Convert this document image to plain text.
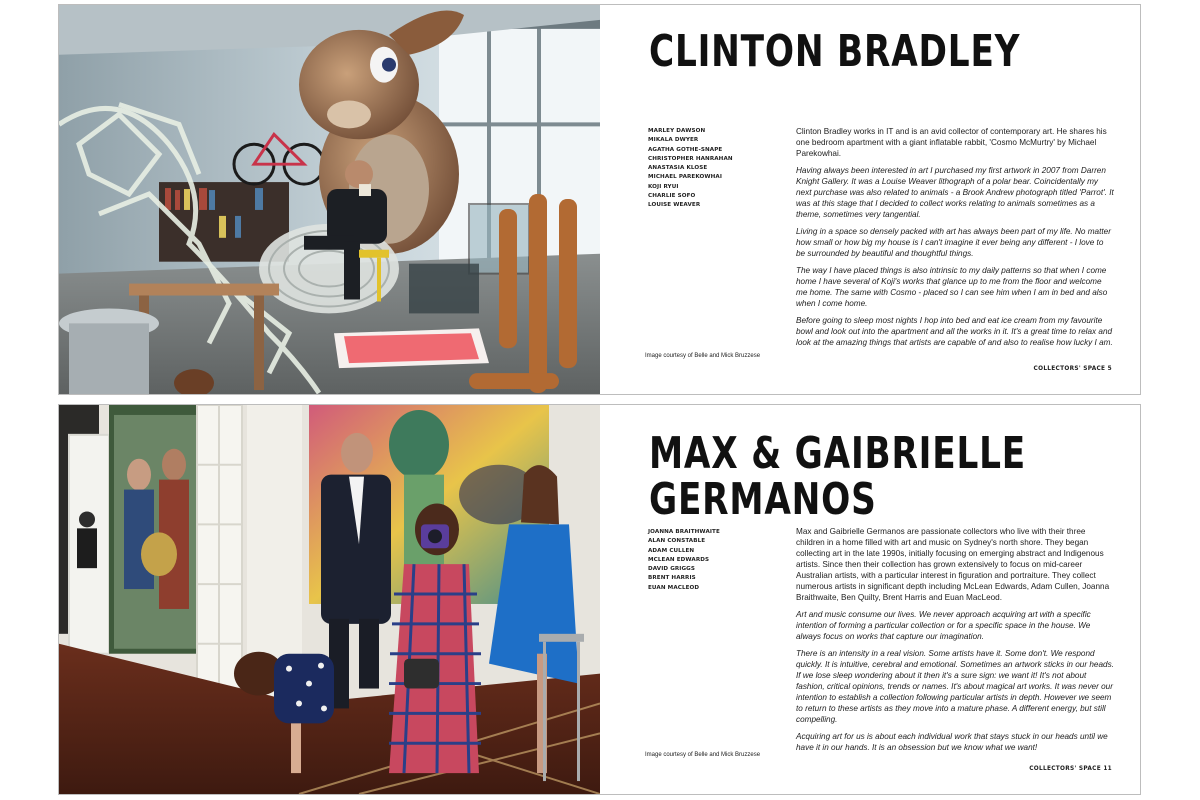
CLINTON BRADLEY
MARLEY DAWSON
MIKALA DWYER
AGATHA GOTHE-SNAPE
CHRISTOPHER HANRAHAN
ANASTASIA KLOSE
MICHAEL PAREKOWHAI
KOJI RYUI
CHARLIE SOFO
LOUISE WEAVER

Clinton Bradley works in IT and is an avid collector of contemporary art. He shares his one bedroom apartment with a giant inflatable rabbit, 'Cosmo McMurtry' by Michael Parekowhai.

Having always been interested in art I purchased my first artwork in 2007 from Darren Knight Gallery. It was a Louise Weaver lithograph of a polar bear. Coincidentally my next purchase was also related to animals - a Brook Andrew photograph titled 'Parrot'. It was at this stage that I decided to collect works relating to animals sometimes as a theme, sometimes very tangential.

Living in a space so densely packed with art has always been part of my life. No matter how small or how big my house is I can't imagine it ever being any different - I love to be surrounded by beautiful and thoughtful things.

The way I have placed things is also intrinsic to my daily patterns so that when I come home I have several of Koji's works that glance up to me from the floor and welcome me home. The same with Cosmo - placed so I can see him when I am in bed and also when I come home.

Before going to sleep most nights I hop into bed and eat ice cream from my favourite bowl and look out into the apartment and all the works in it. It's a great time to relax and look at the amazing things that artists are capable of and also to realise how lucky I am.

Image courtesy of Belle and Mick Bruzzese
COLLECTORS' SPACE 5
MAX & GAIBRIELLE
GERMANOS
JOANNA BRAITHWAITE
ALAN CONSTABLE
ADAM CULLEN
MCLEAN EDWARDS
DAVID GRIGGS
BRENT HARRIS
EUAN MACLEOD

Max and Gaibrielle Germanos are passionate collectors who live with their three children in a home filled with art and music on Sydney's north shore. They began collecting art in the late 1990s, initially focusing on emerging abstract and Indigenous artists. Since then their collection has grown extensively to focus on mid-career Australian artists, with a particular interest in figuration and portraiture. They collect numerous artists in significant depth including McLean Edwards, Adam Cullen, Joanna Braithwaite, Ben Quilty, Brent Harris and Euan MacLeod.

Art and music consume our lives. We never approach acquiring art with a specific intention of forming a particular collection or for a specific space in the house. We always focus on works that capture our imagination.

There is an intensity in a real vision. Some artists have it. Some don't. We respond quickly. It is intuitive, cerebral and emotional. Sometimes an artwork sticks in our heads. If we lose sleep wondering about it then it's a sure sign: we want it! It's not about fashion, critical opinions, trends or names. It's about magical art works. It was never our intention to establish a collection following particular artists in depth. However we seem to return to these artists as they move into a mature phase. A different energy, but still compelling.

Acquiring art for us is about each individual work that stays stuck in our heads until we have it in our hands. It is an obsession but we know what we want!

Image courtesy of Belle and Mick Bruzzese
COLLECTORS' SPACE 11
